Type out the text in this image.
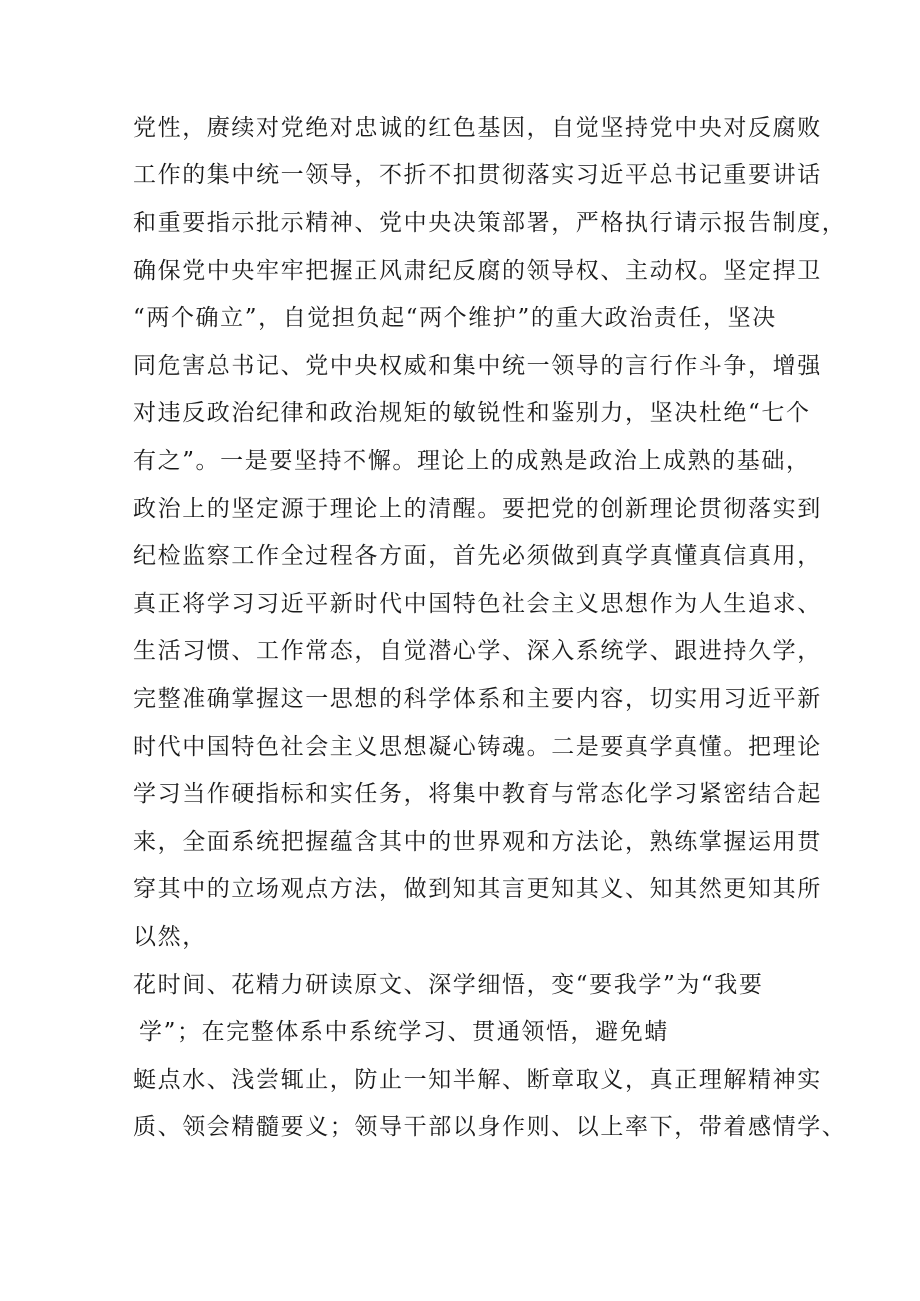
党性，赓续对党绝对忠诚的红色基因，自觉坚持党中央对反腐败
工作的集中统一领导，不折不扣贯彻落实习近平总书记重要讲话
和重要指示批示精神、党中央决策部署，严格执行请示报告制度，
确保党中央牢牢把握正风肃纪反腐的领导权、主动权。坚定捍卫
“两个确立”，自觉担负起“两个维护”的重大政治责任，坚决
同危害总书记、党中央权威和集中统一领导的言行作斗争，增强
对违反政治纪律和政治规矩的敏锐性和鉴别力，坚决杜绝“七个
有之”。一是要坚持不懈。理论上的成熟是政治上成熟的基础，
政治上的坚定源于理论上的清醒。要把党的创新理论贯彻落实到
纪检监察工作全过程各方面，首先必须做到真学真懂真信真用，
真正将学习习近平新时代中国特色社会主义思想作为人生追求、
生活习惯、工作常态，自觉潜心学、深入系统学、跟进持久学，
完整准确掌握这一思想的科学体系和主要内容，切实用习近平新
时代中国特色社会主义思想凝心铸魂。二是要真学真懂。把理论
学习当作硬指标和实任务，将集中教育与常态化学习紧密结合起
来，全面系统把握蕴含其中的世界观和方法论，熟练掌握运用贯
穿其中的立场观点方法，做到知其言更知其义、知其然更知其所
以然，
花时间、花精力研读原文、深学细悟，变“要我学”为“我要
学”；在完整体系中系统学习、贯通领悟，避免蜻
蜓点水、浅尝辄止，防止一知半解、断章取义，真正理解精神实
质、领会精髓要义；领导干部以身作则、以上率下，带着感情学、
